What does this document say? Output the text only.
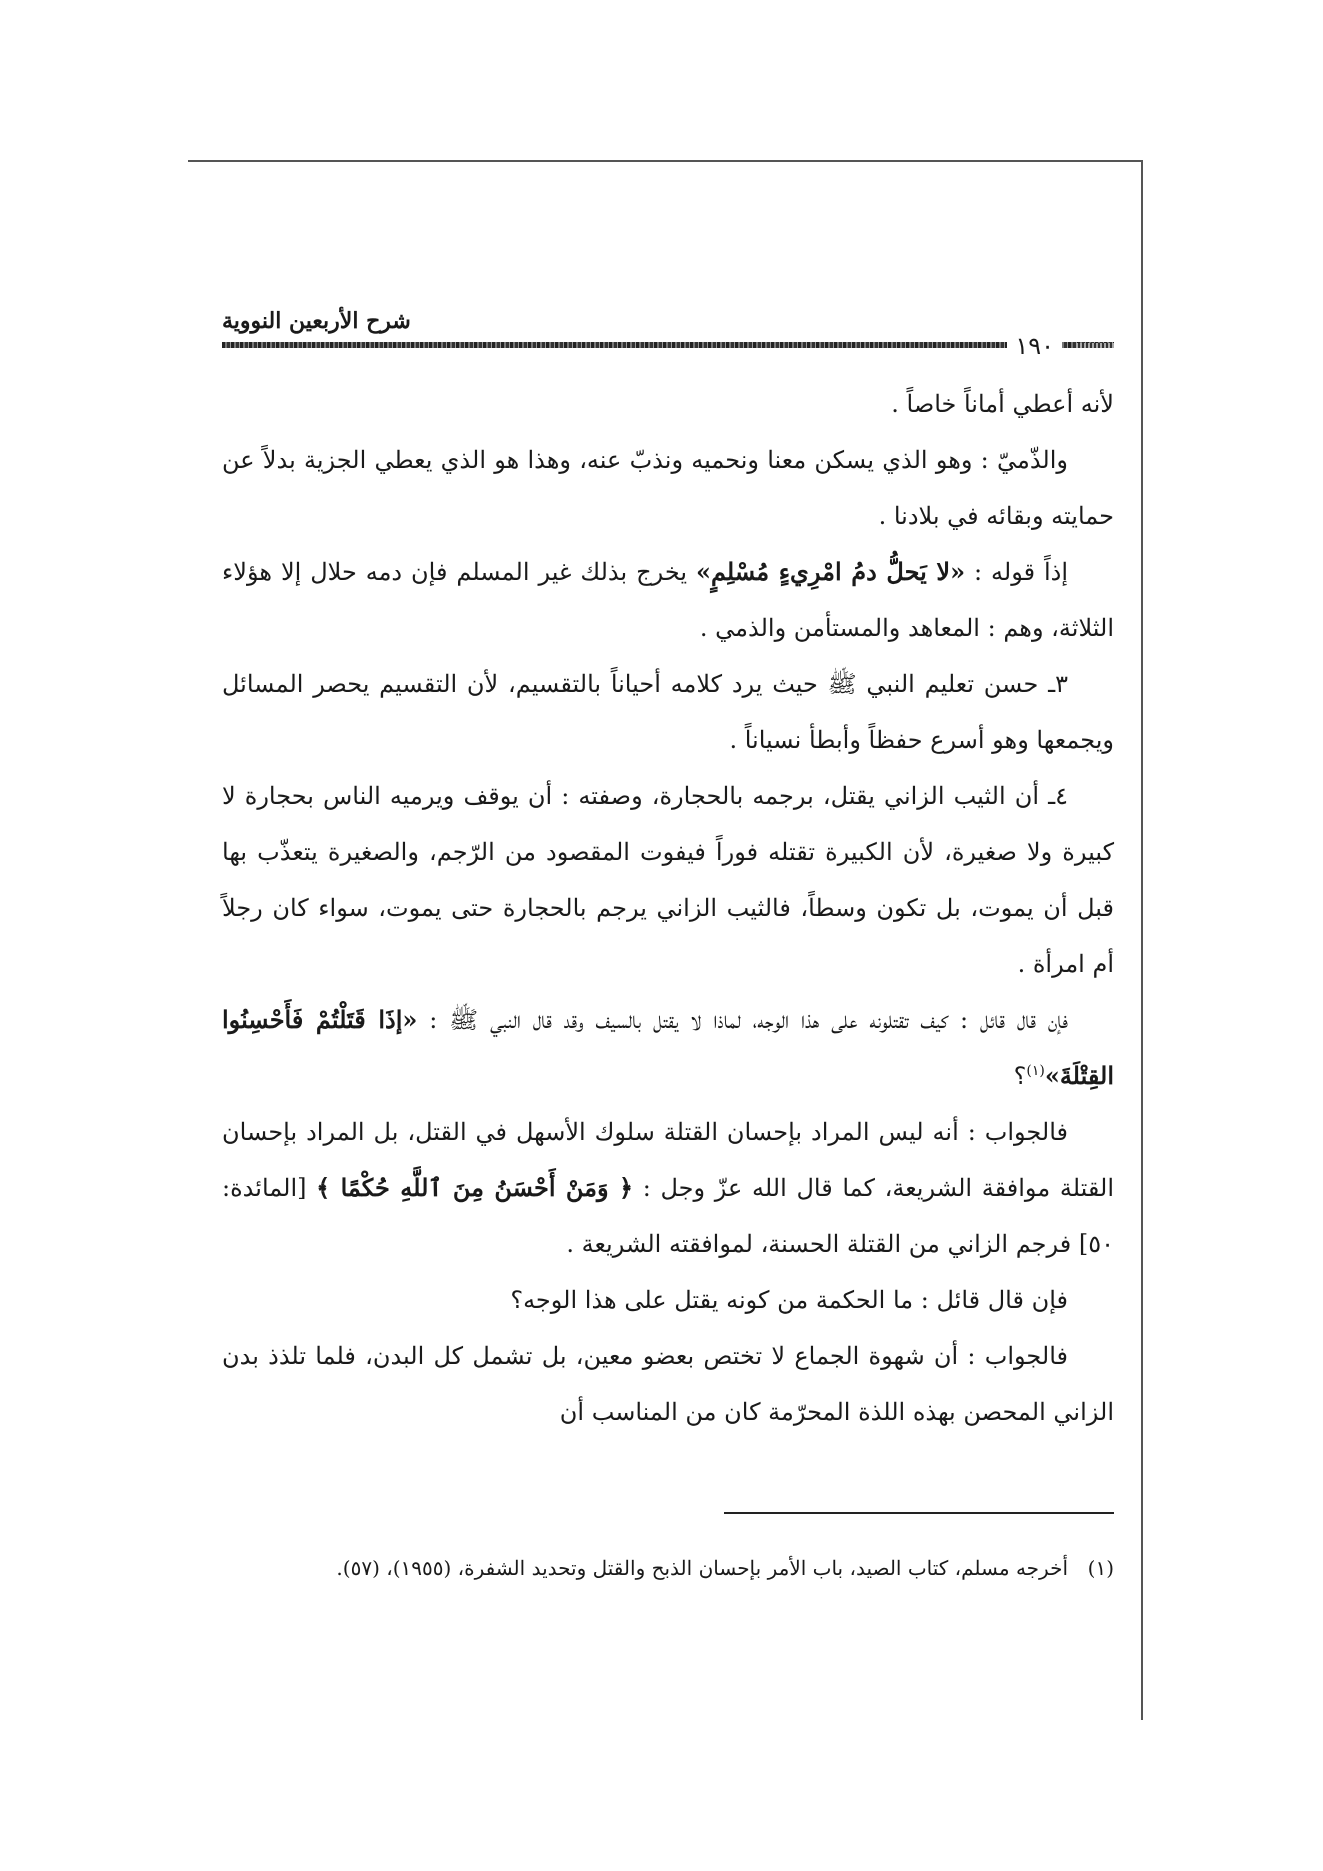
شرح الأربعين النووية
١٩٠

لأنه أعطي أماناً خاصاً .

والذّميّ : وهو الذي يسكن معنا ونحميه ونذبّ عنه، وهذا هو الذي يعطي الجزية بدلاً عن حمايته وبقائه في بلادنا .

إذاً قوله : «لا يَحلُّ دمُ امْرِيءٍ مُسْلِمٍ» يخرج بذلك غير المسلم فإن دمه حلال إلا هؤلاء الثلاثة، وهم : المعاهد والمستأمن والذمي .

٣ـ حسن تعليم النبي ﷺ حيث يرد كلامه أحياناً بالتقسيم، لأن التقسيم يحصر المسائل ويجمعها وهو أسرع حفظاً وأبطأ نسياناً .

٤ـ أن الثيب الزاني يقتل، برجمه بالحجارة، وصفته : أن يوقف ويرميه الناس بحجارة لا كبيرة ولا صغيرة، لأن الكبيرة تقتله فوراً فيفوت المقصود من الرّجم، والصغيرة يتعذّب بها قبل أن يموت، بل تكون وسطاً، فالثيب الزاني يرجم بالحجارة حتى يموت، سواء كان رجلاً أم امرأة .

فإن قال قائل : كيف تقتلونه على هذا الوجه، لماذا لا يقتل بالسيف وقد قال النبي ﷺ : «إذَا قَتَلْتُمْ فَأَحْسِنُوا القِتْلَةَ»$^{(١)}$؟

فالجواب : أنه ليس المراد بإحسان القتلة سلوك الأسهل في القتل، بل المراد بإحسان القتلة موافقة الشريعة، كما قال الله عزّ وجل : ﴿ وَمَنْ أَحْسَنُ مِنَ ٱللَّهِ حُكْمًا ﴾ [المائدة: ٥٠] فرجم الزاني من القتلة الحسنة، لموافقته الشريعة .

فإن قال قائل : ما الحكمة من كونه يقتل على هذا الوجه؟

فالجواب : أن شهوة الجماع لا تختص بعضو معين، بل تشمل كل البدن، فلما تلذذ بدن الزاني المحصن بهذه اللذة المحرّمة كان من المناسب أن

(١)
أخرجه مسلم، كتاب الصيد، باب الأمر بإحسان الذبح والقتل وتحديد الشفرة، (١٩٥٥)، (٥٧).
